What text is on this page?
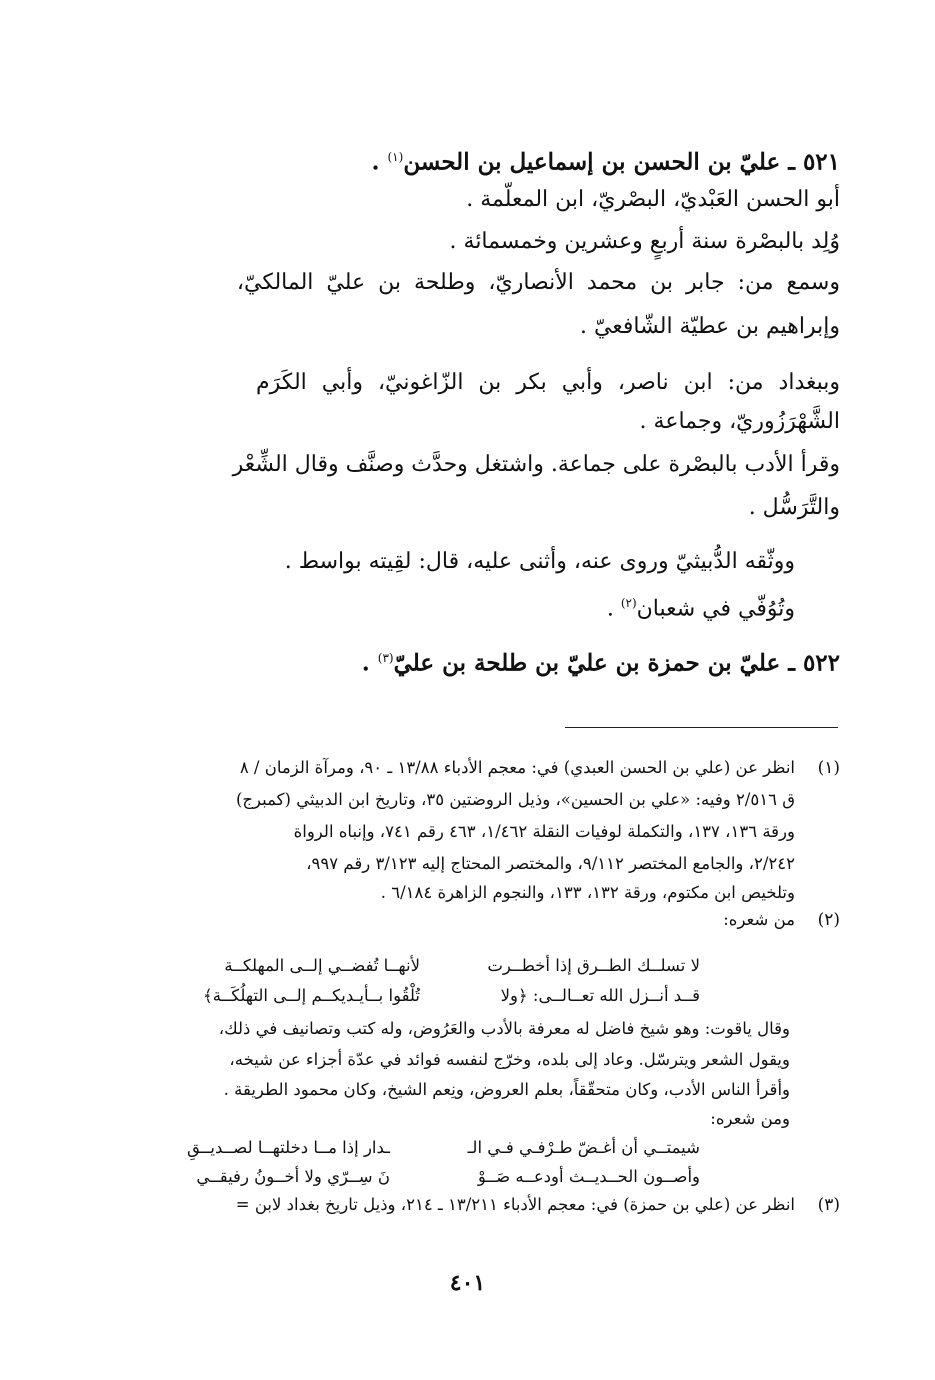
٥٢١ ـ عليّ بن الحسن بن إسماعيل بن الحسن$^{(١)}$ .
أبو الحسن العَبْديّ، البصْريّ، ابن المعلّمة .
وُلِد بالبصْرة سنة أربعٍ وعشرين وخمسمائة .
وسمع من: جابر بن محمد الأنصاريّ، وطلحة بن عليّ المالكيّ،
وإبراهيم بن عطيّة الشّافعيّ .
وببغداد من: ابن ناصر، وأبي بكر بن الزّاغونيّ، وأبي الكَرَم
الشَّهْرَزُوريّ، وجماعة .
وقرأ الأدب بالبصْرة على جماعة. واشتغل وحدَّث وصنَّف وقال الشِّعْر
والتَّرَسُّل .
ووثّقه الدُّبيثيّ وروى عنه، وأثنى عليه، قال: لقِيته بواسط .
وتُوُفّي في شعبان$^{(٢)}$ .
٥٢٢ ـ عليّ بن حمزة بن عليّ بن طلحة بن عليّ$^{(٣)}$ .
(١)
انظر عن (علي بن الحسن العبدي) في: معجم الأدباء ١٣/٨٨ ـ ٩٠، ومرآة الزمان / ٨
ق ٢/٥١٦ وفيه: «علي بن الحسين»، وذيل الروضتين ٣٥، وتاريخ ابن الدبيثي (كمبرج)
ورقة ١٣٦، ١٣٧، والتكملة لوفيات النقلة ١/٤٦٢، ٤٦٣ رقم ٧٤١، وإنباه الرواة
٢/٢٤٢، والجامع المختصر ٩/١١٢، والمختصر المحتاج إليه ٣/١٢٣ رقم ٩٩٧،
وتلخيص ابن مكتوم، ورقة ١٣٢، ١٣٣، والنجوم الزاهرة ٦/١٨٤ .
(٢)
من شعره:
لا تسلــك الطــرق إذا أخطــرت
لأنهــا تُفضــي إلــى المهلكــة
قــد أنــزل الله تعــالــى: ﴿ولا
تُلْقُوا بــأيـديكــم إلــى التهلُكَــة﴾
وقال ياقوت: وهو شيخ فاضل له معرفة بالأدب والعَرُوض، وله كتب وتصانيف في ذلك،
ويقول الشعر ويترسّل. وعاد إلى بلده، وخرّج لنفسه فوائد في عدّة أجزاء عن شيخه،
وأقرأ الناس الأدب، وكان متحقّقاً، بعلم العروض، ونِعم الشيخ، وكان محمود الطريقة .
ومن شعره:
شيمتــي أن أغـضّ طـرْفـي فـي الـ
ـدار إذا مــا دخلتهــا لصــديــقِ
وأصــون الحــديــث أودعــه صَــوْ
نَ سِــرّي ولا أخــونُ رفيقــي
(٣)
انظر عن (علي بن حمزة) في: معجم الأدباء ١٣/٢١١ ـ ٢١٤، وذيل تاريخ بغداد لابن =
٤٠١
